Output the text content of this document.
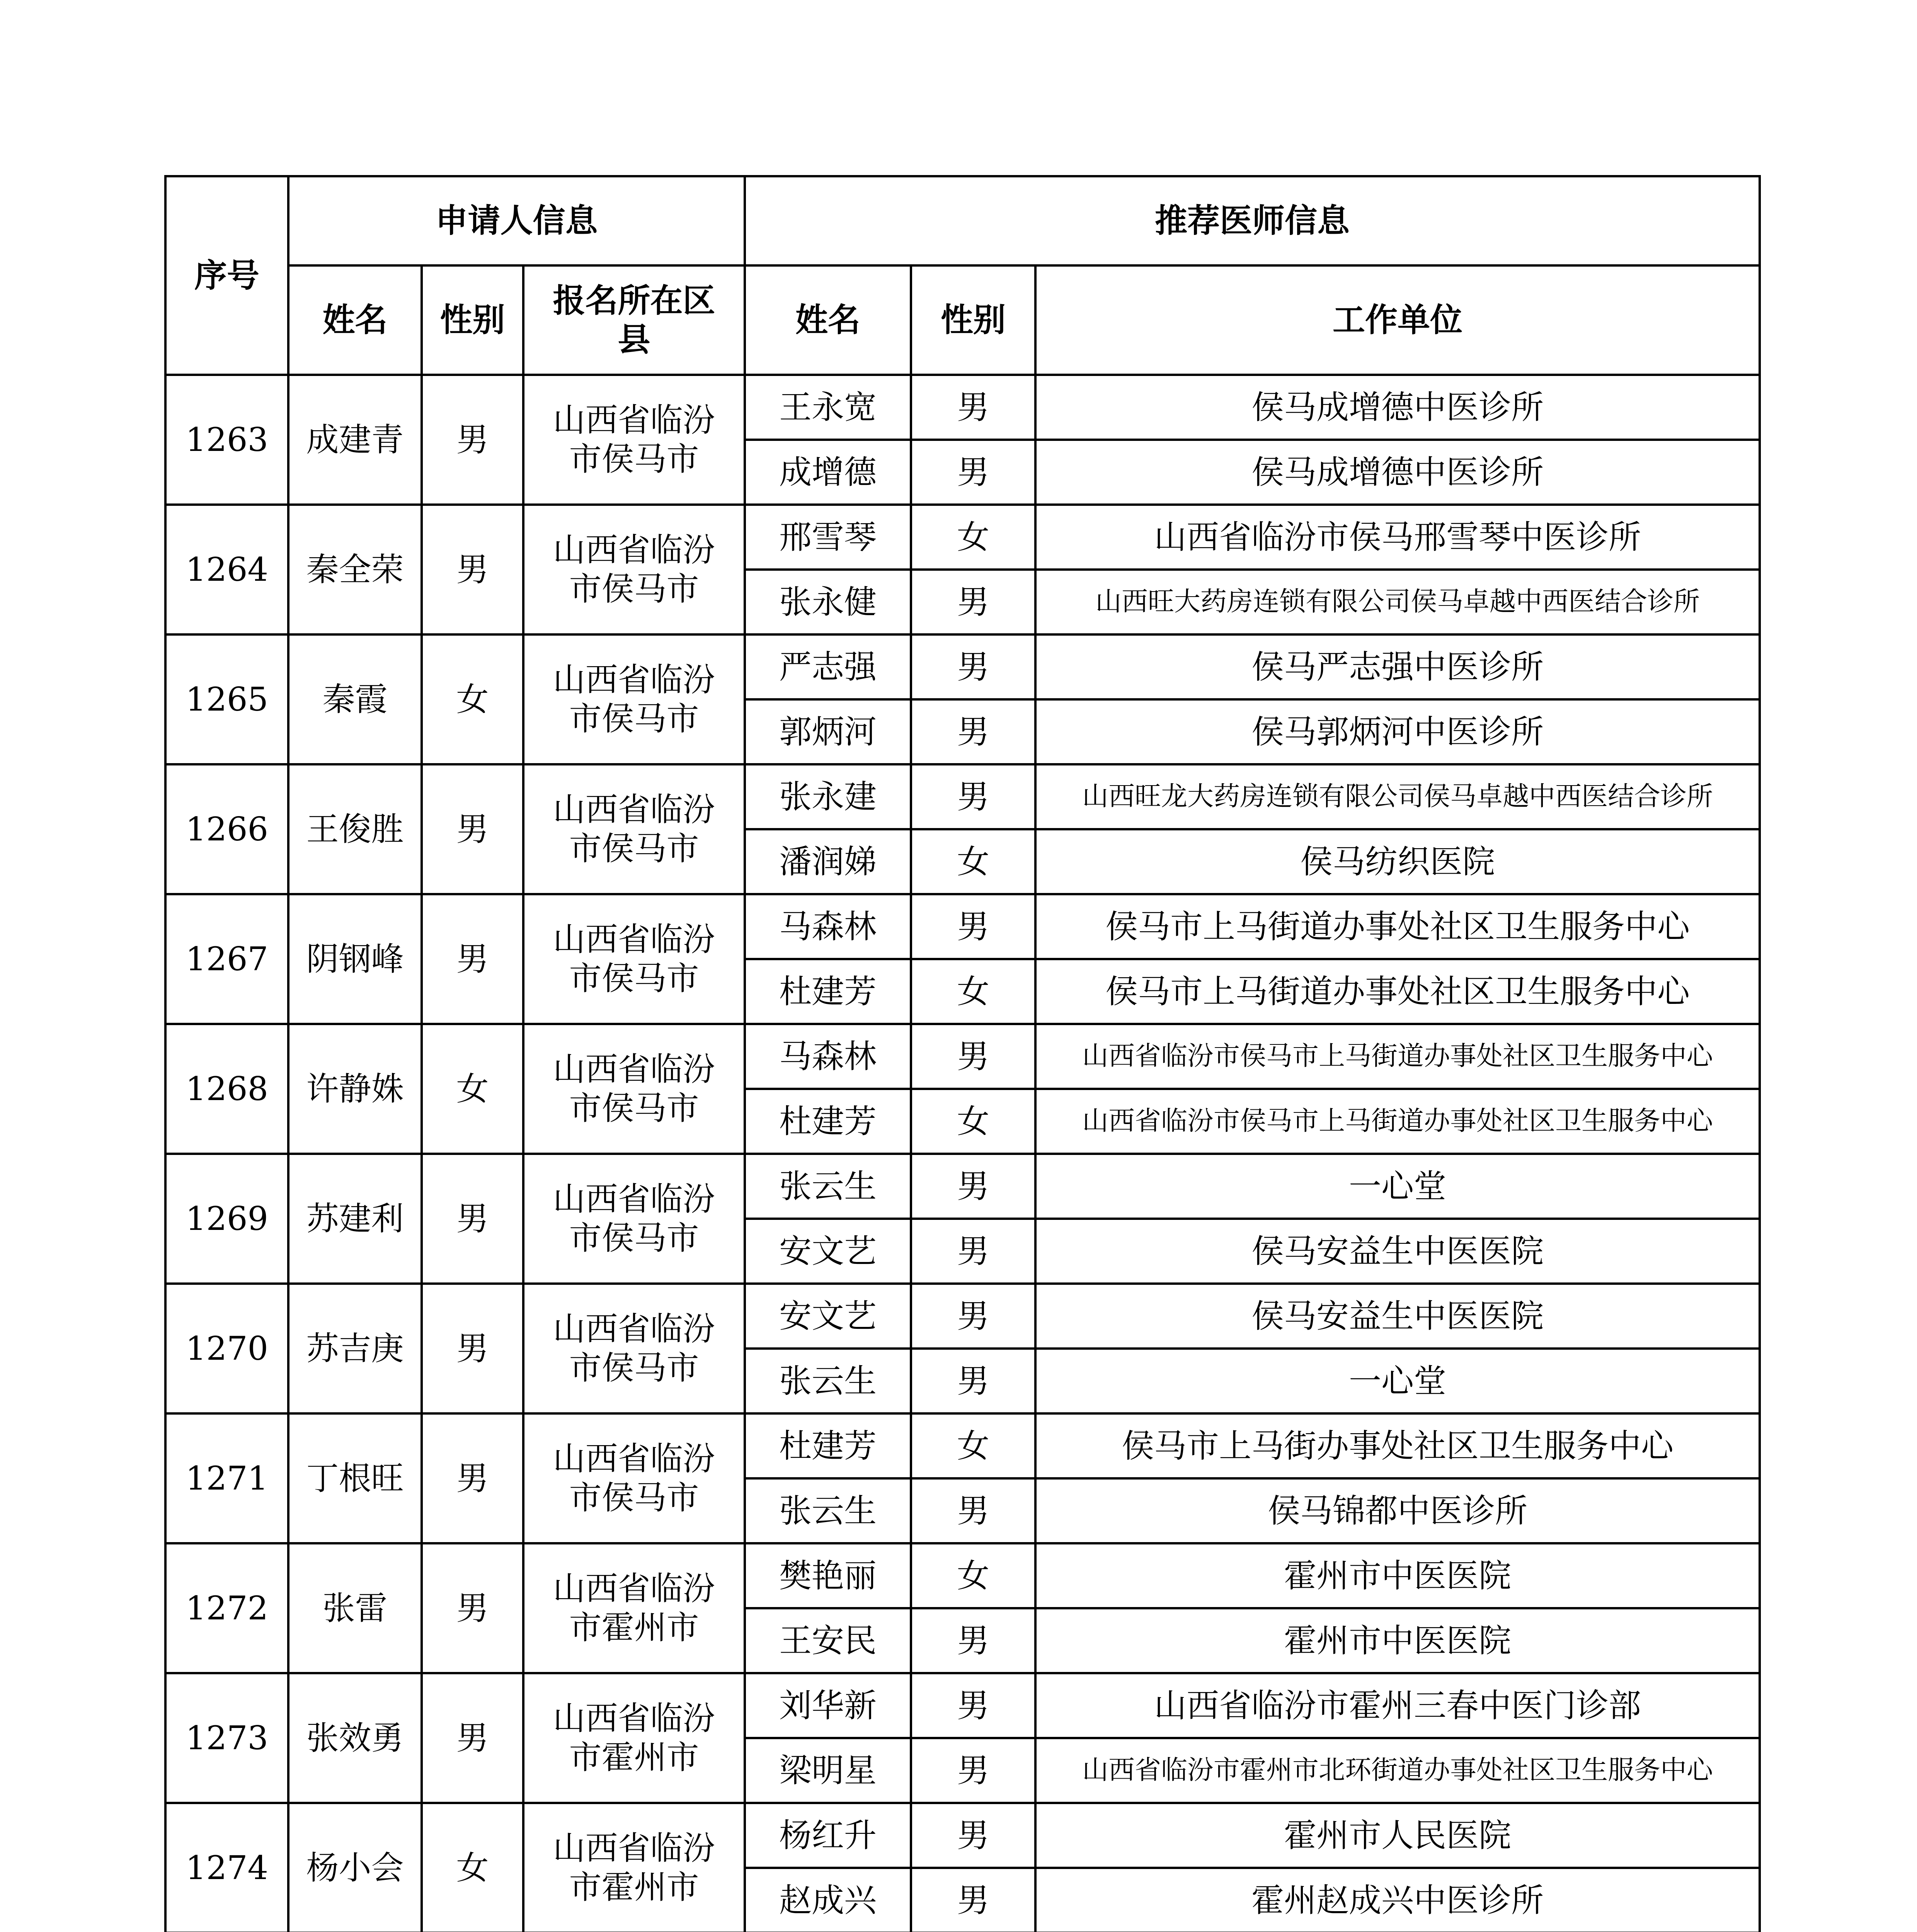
序号	申请人信息			推荐医师信息		
	姓名	性别	报名所在区县	姓名	性别	工作单位
1263	成建青	男	山西省临汾市侯马市	王永宽	男	侯马成增德中医诊所
				成增德	男	侯马成增德中医诊所
1264	秦全荣	男	山西省临汾市侯马市	邢雪琴	女	山西省临汾市侯马邢雪琴中医诊所
				张永健	男	山西旺大药房连锁有限公司侯马卓越中西医结合诊所
1265	秦霞	女	山西省临汾市侯马市	严志强	男	侯马严志强中医诊所
				郭炳河	男	侯马郭炳河中医诊所
1266	王俊胜	男	山西省临汾市侯马市	张永建	男	山西旺龙大药房连锁有限公司侯马卓越中西医结合诊所
				潘润娣	女	侯马纺织医院
1267	阴钢峰	男	山西省临汾市侯马市	马森林	男	侯马市上马街道办事处社区卫生服务中心
				杜建芳	女	侯马市上马街道办事处社区卫生服务中心
1268	许静姝	女	山西省临汾市侯马市	马森林	男	山西省临汾市侯马市上马街道办事处社区卫生服务中心
				杜建芳	女	山西省临汾市侯马市上马街道办事处社区卫生服务中心
1269	苏建利	男	山西省临汾市侯马市	张云生	男	一心堂
				安文艺	男	侯马安益生中医医院
1270	苏吉庚	男	山西省临汾市侯马市	安文艺	男	侯马安益生中医医院
				张云生	男	一心堂
1271	丁根旺	男	山西省临汾市侯马市	杜建芳	女	侯马市上马街办事处社区卫生服务中心
				张云生	男	侯马锦都中医诊所
1272	张雷	男	山西省临汾市霍州市	樊艳丽	女	霍州市中医医院
				王安民	男	霍州市中医医院
1273	张效勇	男	山西省临汾市霍州市	刘华新	男	山西省临汾市霍州三春中医门诊部
				梁明星	男	山西省临汾市霍州市北环街道办事处社区卫生服务中心
1274	杨小会	女	山西省临汾市霍州市	杨红升	男	霍州市人民医院
				赵成兴	男	霍州赵成兴中医诊所
